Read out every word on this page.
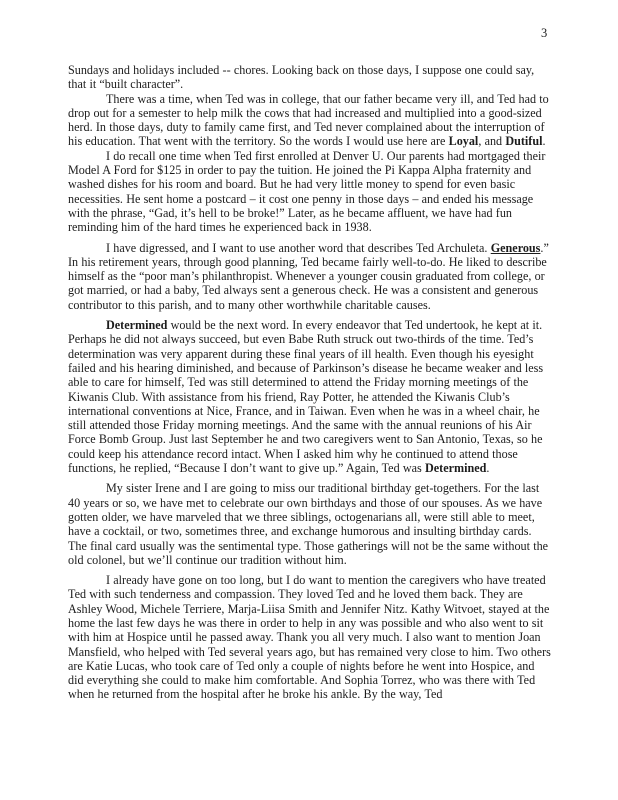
3

Sundays and holidays included -- chores. Looking back on those days, I suppose one could say, that it “built character”.

There was a time, when Ted was in college, that our father became very ill, and Ted had to drop out for a semester to help milk the cows that had increased and multiplied into a good-sized herd. In those days, duty to family came first, and Ted never complained about the interruption of his education. That went with the territory. So the words I would use here are Loyal, and Dutiful.

I do recall one time when Ted first enrolled at Denver U. Our parents had mortgaged their Model A Ford for $125 in order to pay the tuition. He joined the Pi Kappa Alpha fraternity and washed dishes for his room and board. But he had very little money to spend for even basic necessities. He sent home a postcard – it cost one penny in those days – and ended his message with the phrase, “Gad, it’s hell to be broke!” Later, as he became affluent, we have had fun reminding him of the hard times he experienced back in 1938.

I have digressed, and I want to use another word that describes Ted Archuleta. Generous.” In his retirement years, through good planning, Ted became fairly well-to-do. He liked to describe himself as the “poor man’s philanthropist. Whenever a younger cousin graduated from college, or got married, or had a baby, Ted always sent a generous check. He was a consistent and generous contributor to this parish, and to many other worthwhile charitable causes.

Determined would be the next word. In every endeavor that Ted undertook, he kept at it. Perhaps he did not always succeed, but even Babe Ruth struck out two-thirds of the time. Ted’s determination was very apparent during these final years of ill health. Even though his eyesight failed and his hearing diminished, and because of Parkinson’s disease he became weaker and less able to care for himself, Ted was still determined to attend the Friday morning meetings of the Kiwanis Club. With assistance from his friend, Ray Potter, he attended the Kiwanis Club’s international conventions at Nice, France, and in Taiwan. Even when he was in a wheel chair, he still attended those Friday morning meetings. And the same with the annual reunions of his Air Force Bomb Group. Just last September he and two caregivers went to San Antonio, Texas, so he could keep his attendance record intact. When I asked him why he continued to attend those functions, he replied, “Because I don’t want to give up.” Again, Ted was Determined.

My sister Irene and I are going to miss our traditional birthday get-togethers. For the last 40 years or so, we have met to celebrate our own birthdays and those of our spouses. As we have gotten older, we have marveled that we three siblings, octogenarians all, were still able to meet, have a cocktail, or two, sometimes three, and exchange humorous and insulting birthday cards. The final card usually was the sentimental type. Those gatherings will not be the same without the old colonel, but we’ll continue our tradition without him.

I already have gone on too long, but I do want to mention the caregivers who have treated Ted with such tenderness and compassion. They loved Ted and he loved them back. They are Ashley Wood, Michele Terriere, Marja-Liisa Smith and Jennifer Nitz. Kathy Witvoet, stayed at the home the last few days he was there in order to help in any was possible and who also went to sit with him at Hospice until he passed away. Thank you all very much. I also want to mention Joan Mansfield, who helped with Ted several years ago, but has remained very close to him. Two others are Katie Lucas, who took care of Ted only a couple of nights before he went into Hospice, and did everything she could to make him comfortable. And Sophia Torrez, who was there with Ted when he returned from the hospital after he broke his ankle. By the way, Ted
